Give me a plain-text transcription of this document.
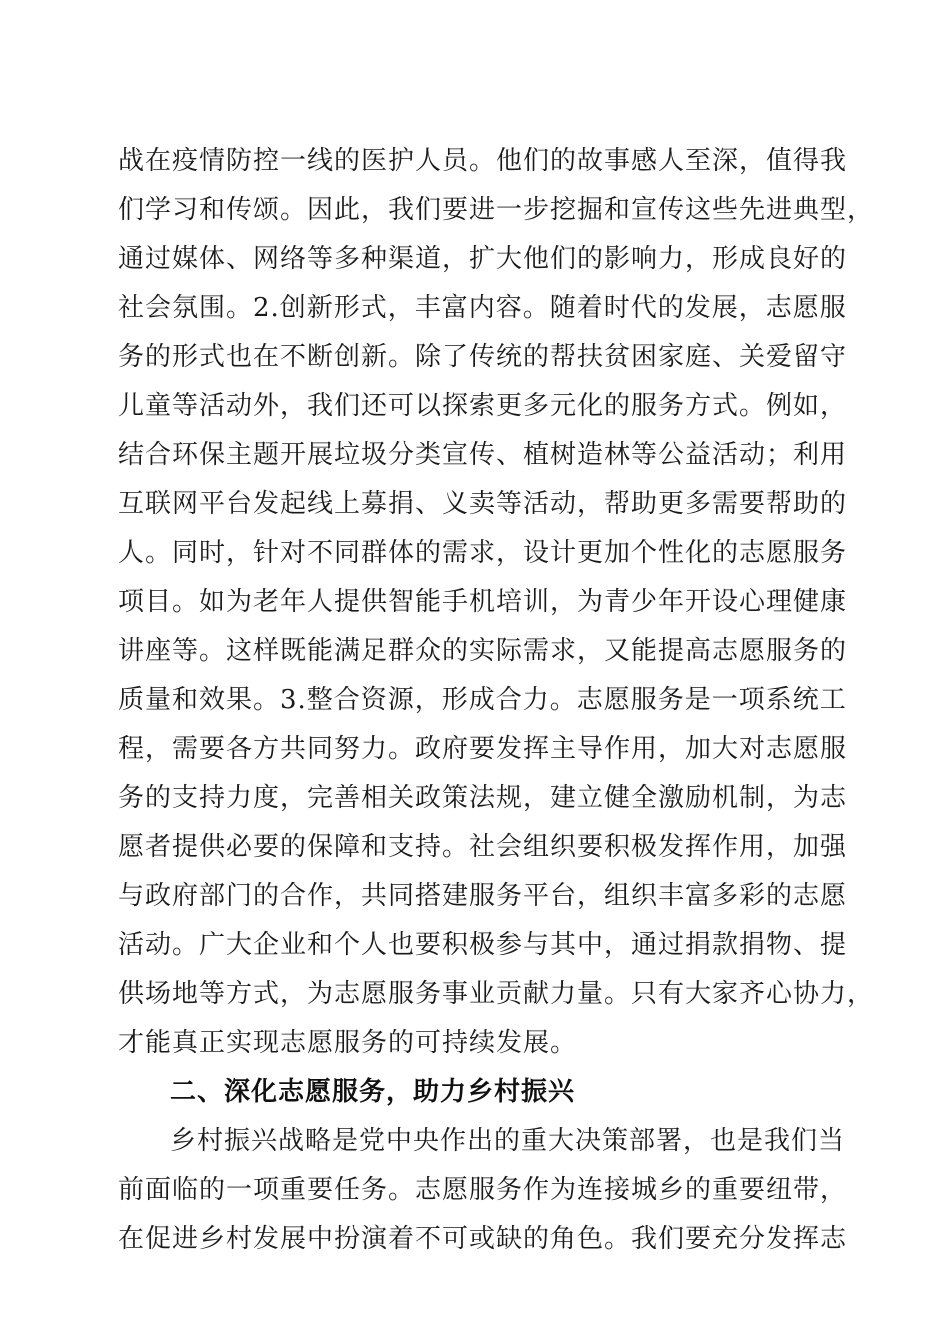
战在疫情防控一线的医护人员。他们的故事感人至深，值得我
们学习和传颂。因此，我们要进一步挖掘和宣传这些先进典型，
通过媒体、网络等多种渠道，扩大他们的影响力，形成良好的
社会氛围。2.创新形式，丰富内容。随着时代的发展，志愿服
务的形式也在不断创新。除了传统的帮扶贫困家庭、关爱留守
儿童等活动外，我们还可以探索更多元化的服务方式。例如，
结合环保主题开展垃圾分类宣传、植树造林等公益活动；利用
互联网平台发起线上募捐、义卖等活动，帮助更多需要帮助的
人。同时，针对不同群体的需求，设计更加个性化的志愿服务
项目。如为老年人提供智能手机培训，为青少年开设心理健康
讲座等。这样既能满足群众的实际需求，又能提高志愿服务的
质量和效果。3.整合资源，形成合力。志愿服务是一项系统工
程，需要各方共同努力。政府要发挥主导作用，加大对志愿服
务的支持力度，完善相关政策法规，建立健全激励机制，为志
愿者提供必要的保障和支持。社会组织要积极发挥作用，加强
与政府部门的合作，共同搭建服务平台，组织丰富多彩的志愿
活动。广大企业和个人也要积极参与其中，通过捐款捐物、提
供场地等方式，为志愿服务事业贡献力量。只有大家齐心协力，
才能真正实现志愿服务的可持续发展。
二、深化志愿服务，助力乡村振兴
乡村振兴战略是党中央作出的重大决策部署，也是我们当
前面临的一项重要任务。志愿服务作为连接城乡的重要纽带，
在促进乡村发展中扮演着不可或缺的角色。我们要充分发挥志
